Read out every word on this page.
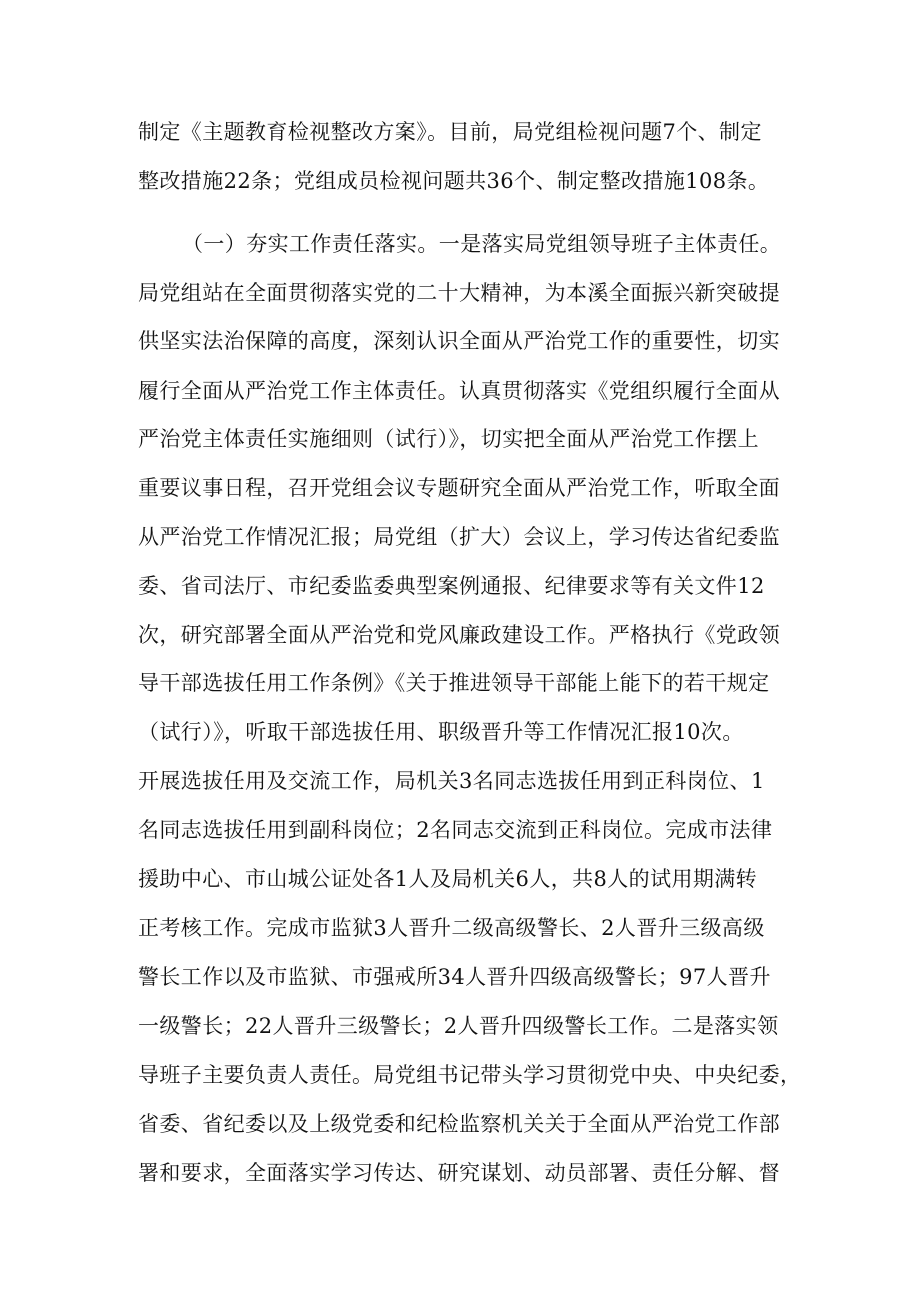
制定《主题教育检视整改方案》。目前，局党组检视问题7个、制定
整改措施22条；党组成员检视问题共36个、制定整改措施108条。
（一）夯实工作责任落实。一是落实局党组领导班子主体责任。
局党组站在全面贯彻落实党的二十大精神，为本溪全面振兴新突破提
供坚实法治保障的高度，深刻认识全面从严治党工作的重要性，切实
履行全面从严治党工作主体责任。认真贯彻落实《党组织履行全面从
严治党主体责任实施细则（试行）》，切实把全面从严治党工作摆上
重要议事日程，召开党组会议专题研究全面从严治党工作，听取全面
从严治党工作情况汇报；局党组（扩大）会议上，学习传达省纪委监
委、省司法厅、市纪委监委典型案例通报、纪律要求等有关文件12
次，研究部署全面从严治党和党风廉政建设工作。严格执行《党政领
导干部选拔任用工作条例》《关于推进领导干部能上能下的若干规定
（试行）》，听取干部选拔任用、职级晋升等工作情况汇报10次。
开展选拔任用及交流工作，局机关3名同志选拔任用到正科岗位、1
名同志选拔任用到副科岗位；2名同志交流到正科岗位。完成市法律
援助中心、市山城公证处各1人及局机关6人，共8人的试用期满转
正考核工作。完成市监狱3人晋升二级高级警长、2人晋升三级高级
警长工作以及市监狱、市强戒所34人晋升四级高级警长；97人晋升
一级警长；22人晋升三级警长；2人晋升四级警长工作。二是落实领
导班子主要负责人责任。局党组书记带头学习贯彻党中央、中央纪委，
省委、省纪委以及上级党委和纪检监察机关关于全面从严治党工作部
署和要求，全面落实学习传达、研究谋划、动员部署、责任分解、督
